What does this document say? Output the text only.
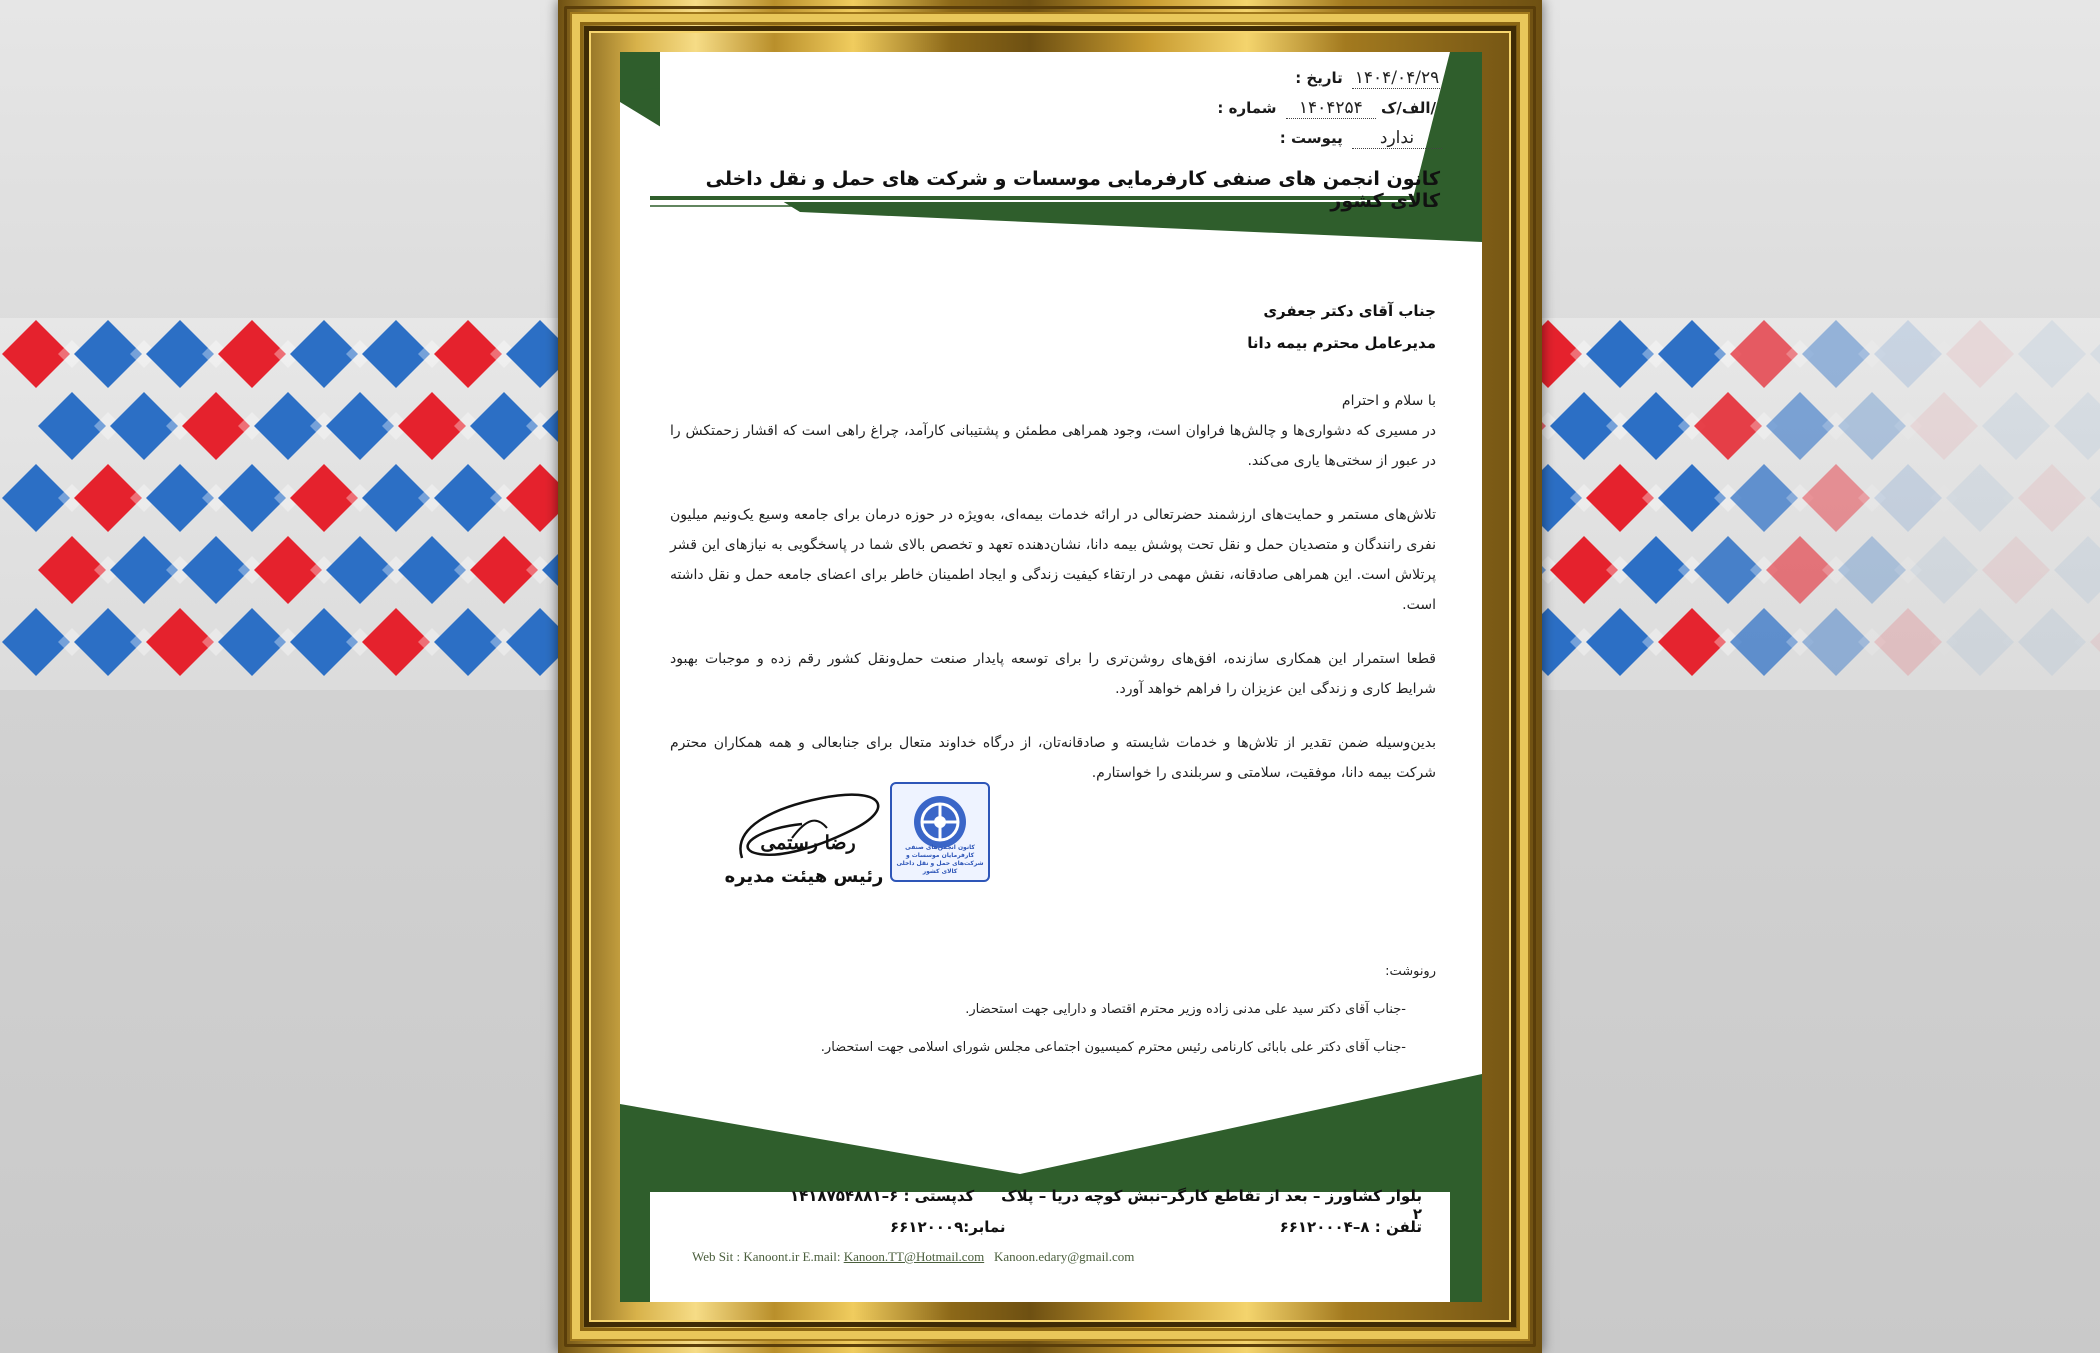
تاریخ : ۱۴۰۴/۰۴/۲۹
شماره : ۱۴۰۴۲۵۴ /الف/ک
پیوست : ندارد
کانون انجمن های صنفی کارفرمایی موسسات و شرکت های حمل و نقل داخلی کالای کشور
جناب آقای دکتر جعفری
مدیرعامل محترم بیمه دانا
با سلام و احترام
در مسیری که دشواری‌ها و چالش‌ها فراوان است، وجود همراهی مطمئن و پشتیبانی کارآمد، چراغ راهی است که اقشار زحمتکش را در عبور از سختی‌ها یاری می‌کند.
تلاش‌های مستمر و حمایت‌های ارزشمند حضرتعالی در ارائه خدمات بیمه‌ای، به‌ویژه در حوزه درمان برای جامعه وسیع یک‌ونیم میلیون نفری رانندگان و متصدیان حمل و نقل تحت پوشش بیمه دانا، نشان‌دهنده تعهد و تخصص بالای شما در پاسخگویی به نیازهای این قشر پرتلاش است. این همراهی صادقانه، نقش مهمی در ارتقاء کیفیت زندگی و ایجاد اطمینان خاطر برای اعضای جامعه حمل و نقل داشته است.
قطعا استمرار این همکاری سازنده، افق‌های روشن‌تری را برای توسعه پایدار صنعت حمل‌ونقل کشور رقم زده و موجبات بهبود شرایط کاری و زندگی این عزیزان را فراهم خواهد آورد.
بدین‌وسیله ضمن تقدیر از تلاش‌ها و خدمات شایسته و صادقانه‌تان، از درگاه خداوند متعال برای جنابعالی و همه همکاران محترم شرکت بیمه دانا، موفقیت، سلامتی و سربلندی را خواستارم.
رضا رستمی
رئیس هیئت مدیره
کانون انجمن‌های صنفی کارفرمایان موسسات و شرکت‌های حمل و نقل داخلی کالای کشور
رونوشت:
-جناب آقای دکتر سید علی مدنی زاده وزیر محترم اقتصاد و دارایی جهت استحضار.
-جناب آقای دکتر علی بابائی کارنامی رئیس محترم کمیسیون اجتماعی مجلس شورای اسلامی جهت استحضار.
بلوار کشاورز – بعد از تقاطع کارگر–نبش کوچه دریا – پلاک ۲
کدپستی : ۶–۱۴۱۸۷۵۴۸۸۱
تلفن : ۸–۶۶۱۲۰۰۰۴
نمابر:۶۶۱۲۰۰۰۹
Web Sit : Kanoont.ir E.mail: Kanoon.TT@Hotmail.com Kanoon.edary@gmail.com
